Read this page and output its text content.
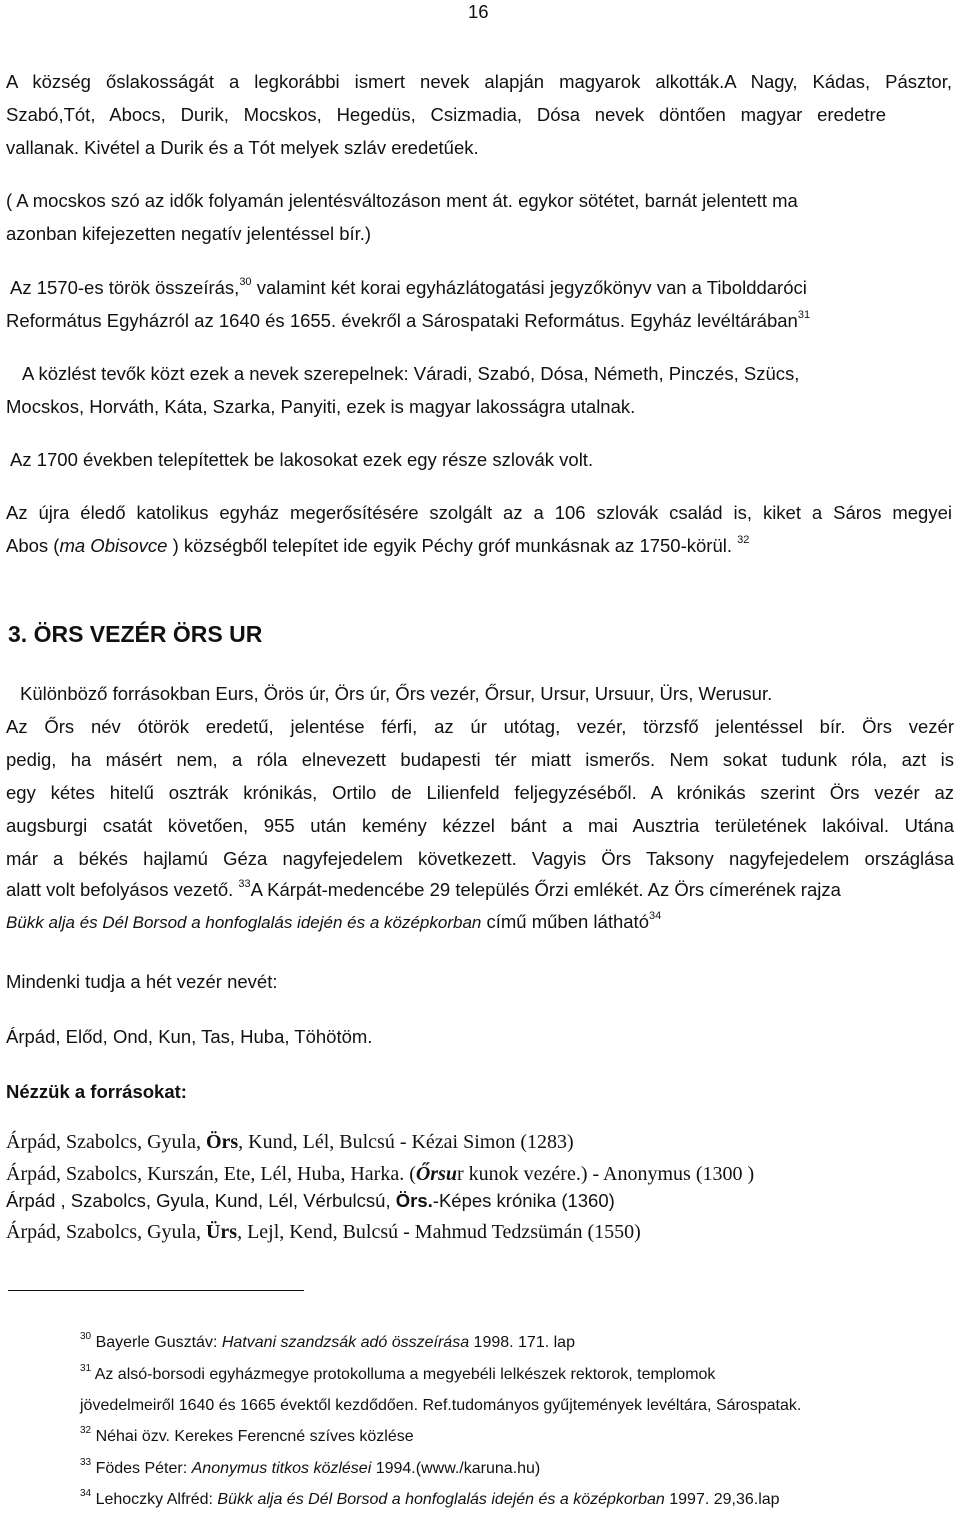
16
A község őslakosságát a legkorábbi ismert nevek alapján magyarok alkották.A Nagy, Kádas, Pásztor,
Szabó,Tót, Abocs, Durik, Mocskos, Hegedüs, Csizmadia, Dósa nevek döntően magyar eredetre
vallanak. Kivétel a Durik és a Tót melyek szláv eredetűek.
( A mocskos szó az idők folyamán jelentésváltozáson ment át. egykor sötétet, barnát jelentett ma
azonban kifejezetten negatív jelentéssel bír.)
Az 1570-es török összeírás,$^{30}$ valamint két korai egyházlátogatási jegyzőkönyv van a Tibolddaróci
Református Egyházról az 1640 és 1655. évekről a Sárospataki Református. Egyház levéltárában$^{31}$
A közlést tevők közt ezek a nevek szerepelnek: Váradi, Szabó, Dósa, Németh, Pinczés, Szücs,
Mocskos, Horváth, Káta, Szarka, Panyiti, ezek is magyar lakosságra utalnak.
Az 1700 években telepítettek be lakosokat ezek egy része szlovák volt.
Az újra éledő katolikus egyház megerősítésére szolgált az a 106 szlovák család is, kiket a Sáros megyei
Abos (ma Obisovce ) községből telepítet ide egyik Péchy gróf munkásnak az 1750-körül. $^{32}$
3. ÖRS VEZÉR ÖRS UR
Különböző forrásokban Eurs, Örös úr, Örs úr, Őrs vezér, Őrsur, Ursur, Ursuur, Ürs, Werusur.
Az Őrs név ótörök eredetű, jelentése férfi, az úr utótag, vezér, törzsfő jelentéssel bír. Örs vezér
pedig, ha másért nem, a róla elnevezett budapesti tér miatt ismerős. Nem sokat tudunk róla, azt is
egy kétes hitelű osztrák krónikás, Ortilo de Lilienfeld feljegyzéséből. A krónikás szerint Örs vezér az
augsburgi csatát követően, 955 után kemény kézzel bánt a mai Ausztria területének lakóival. Utána
már a békés hajlamú Géza nagyfejedelem következett. Vagyis Örs Taksony nagyfejedelem országlása
alatt volt befolyásos vezető. $^{33}$A Kárpát-medencébe 29 település Őrzi emlékét. Az Örs címerének rajza
Bükk alja és Dél Borsod a honfoglalás idején és a középkorban című műben látható$^{34}$
Mindenki tudja a hét vezér nevét:
Árpád, Előd, Ond, Kun, Tas, Huba, Töhötöm.
Nézzük a forrásokat:
Árpád, Szabolcs, Gyula, Örs, Kund, Lél, Bulcsú - Kézai Simon (1283)
Árpád, Szabolcs, Kurszán, Ete, Lél, Huba, Harka. (Őrsur kunok vezére.) - Anonymus (1300 )
Árpád , Szabolcs, Gyula, Kund, Lél, Vérbulcsú, Örs.-Képes krónika (1360)
Árpád, Szabolcs, Gyula, Ürs, Lejl, Kend, Bulcsú - Mahmud Tedzsümán (1550)
$^{30}$ Bayerle Gusztáv: Hatvani szandzsák adó összeírása 1998. 171. lap
$^{31}$ Az alsó-borsodi egyházmegye protokolluma a megyebéli lelkészek rektorok, templomok
jövedelmeiről 1640 és 1665 évektől kezdődően. Ref.tudományos gyűjtemények levéltára, Sárospatak.
$^{32}$ Néhai özv. Kerekes Ferencné szíves közlése
$^{33}$ Födes Péter: Anonymus titkos közlései 1994.(www./karuna.hu)
$^{34}$ Lehoczky Alfréd: Bükk alja és Dél Borsod a honfoglalás idején és a középkorban 1997. 29,36.lap
